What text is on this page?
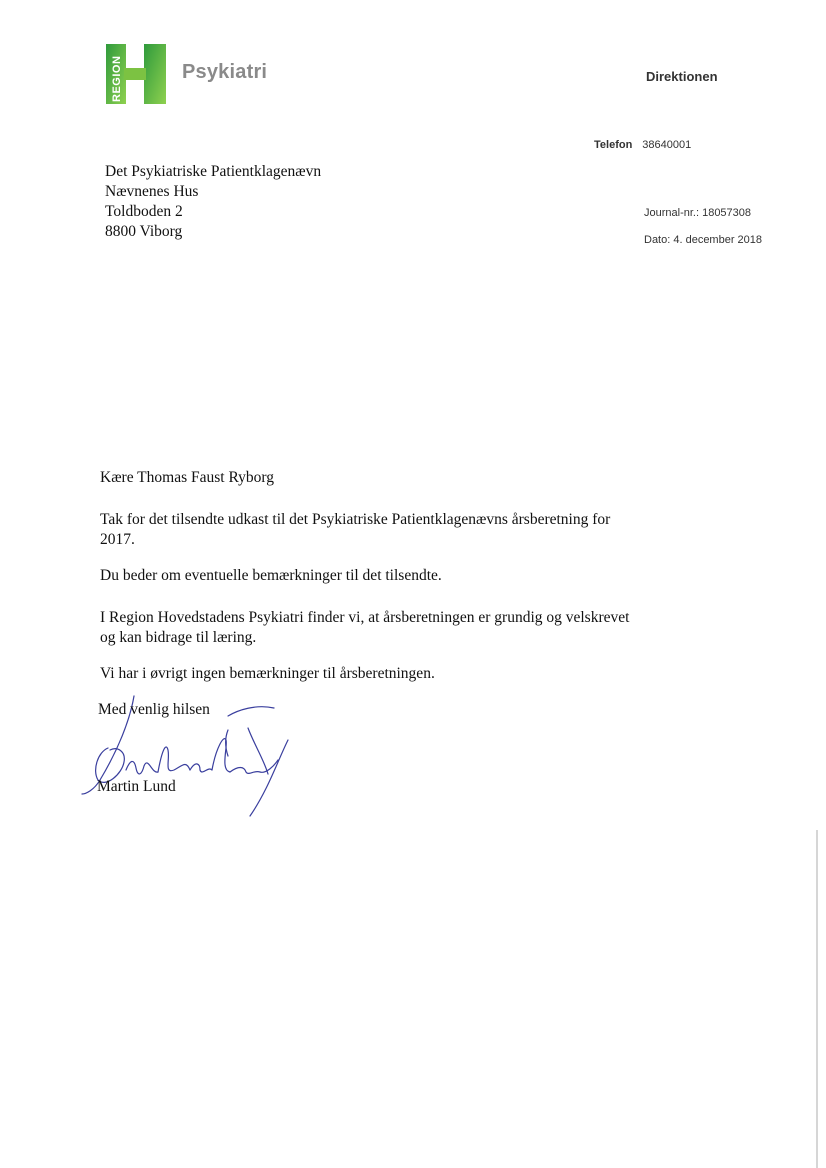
REGION	Psykiatri	Direktionen
Telefon 38640001
Journal-nr.: 18057308
Dato: 4. december 2018
Det Psykiatriske Patientklagenævn
Nævnenes Hus
Toldboden 2
8800 Viborg
Kære Thomas Faust Ryborg
Tak for det tilsendte udkast til det Psykiatriske Patientklagenævns årsberetning for 2017.
Du beder om eventuelle bemærkninger til det tilsendte.
I Region Hovedstadens Psykiatri finder vi, at årsberetningen er grundig og velskrevet og kan bidrage til læring.
Vi har i øvrigt ingen bemærkninger til årsberetningen.
Med venlig hilsen
Martin Lund
